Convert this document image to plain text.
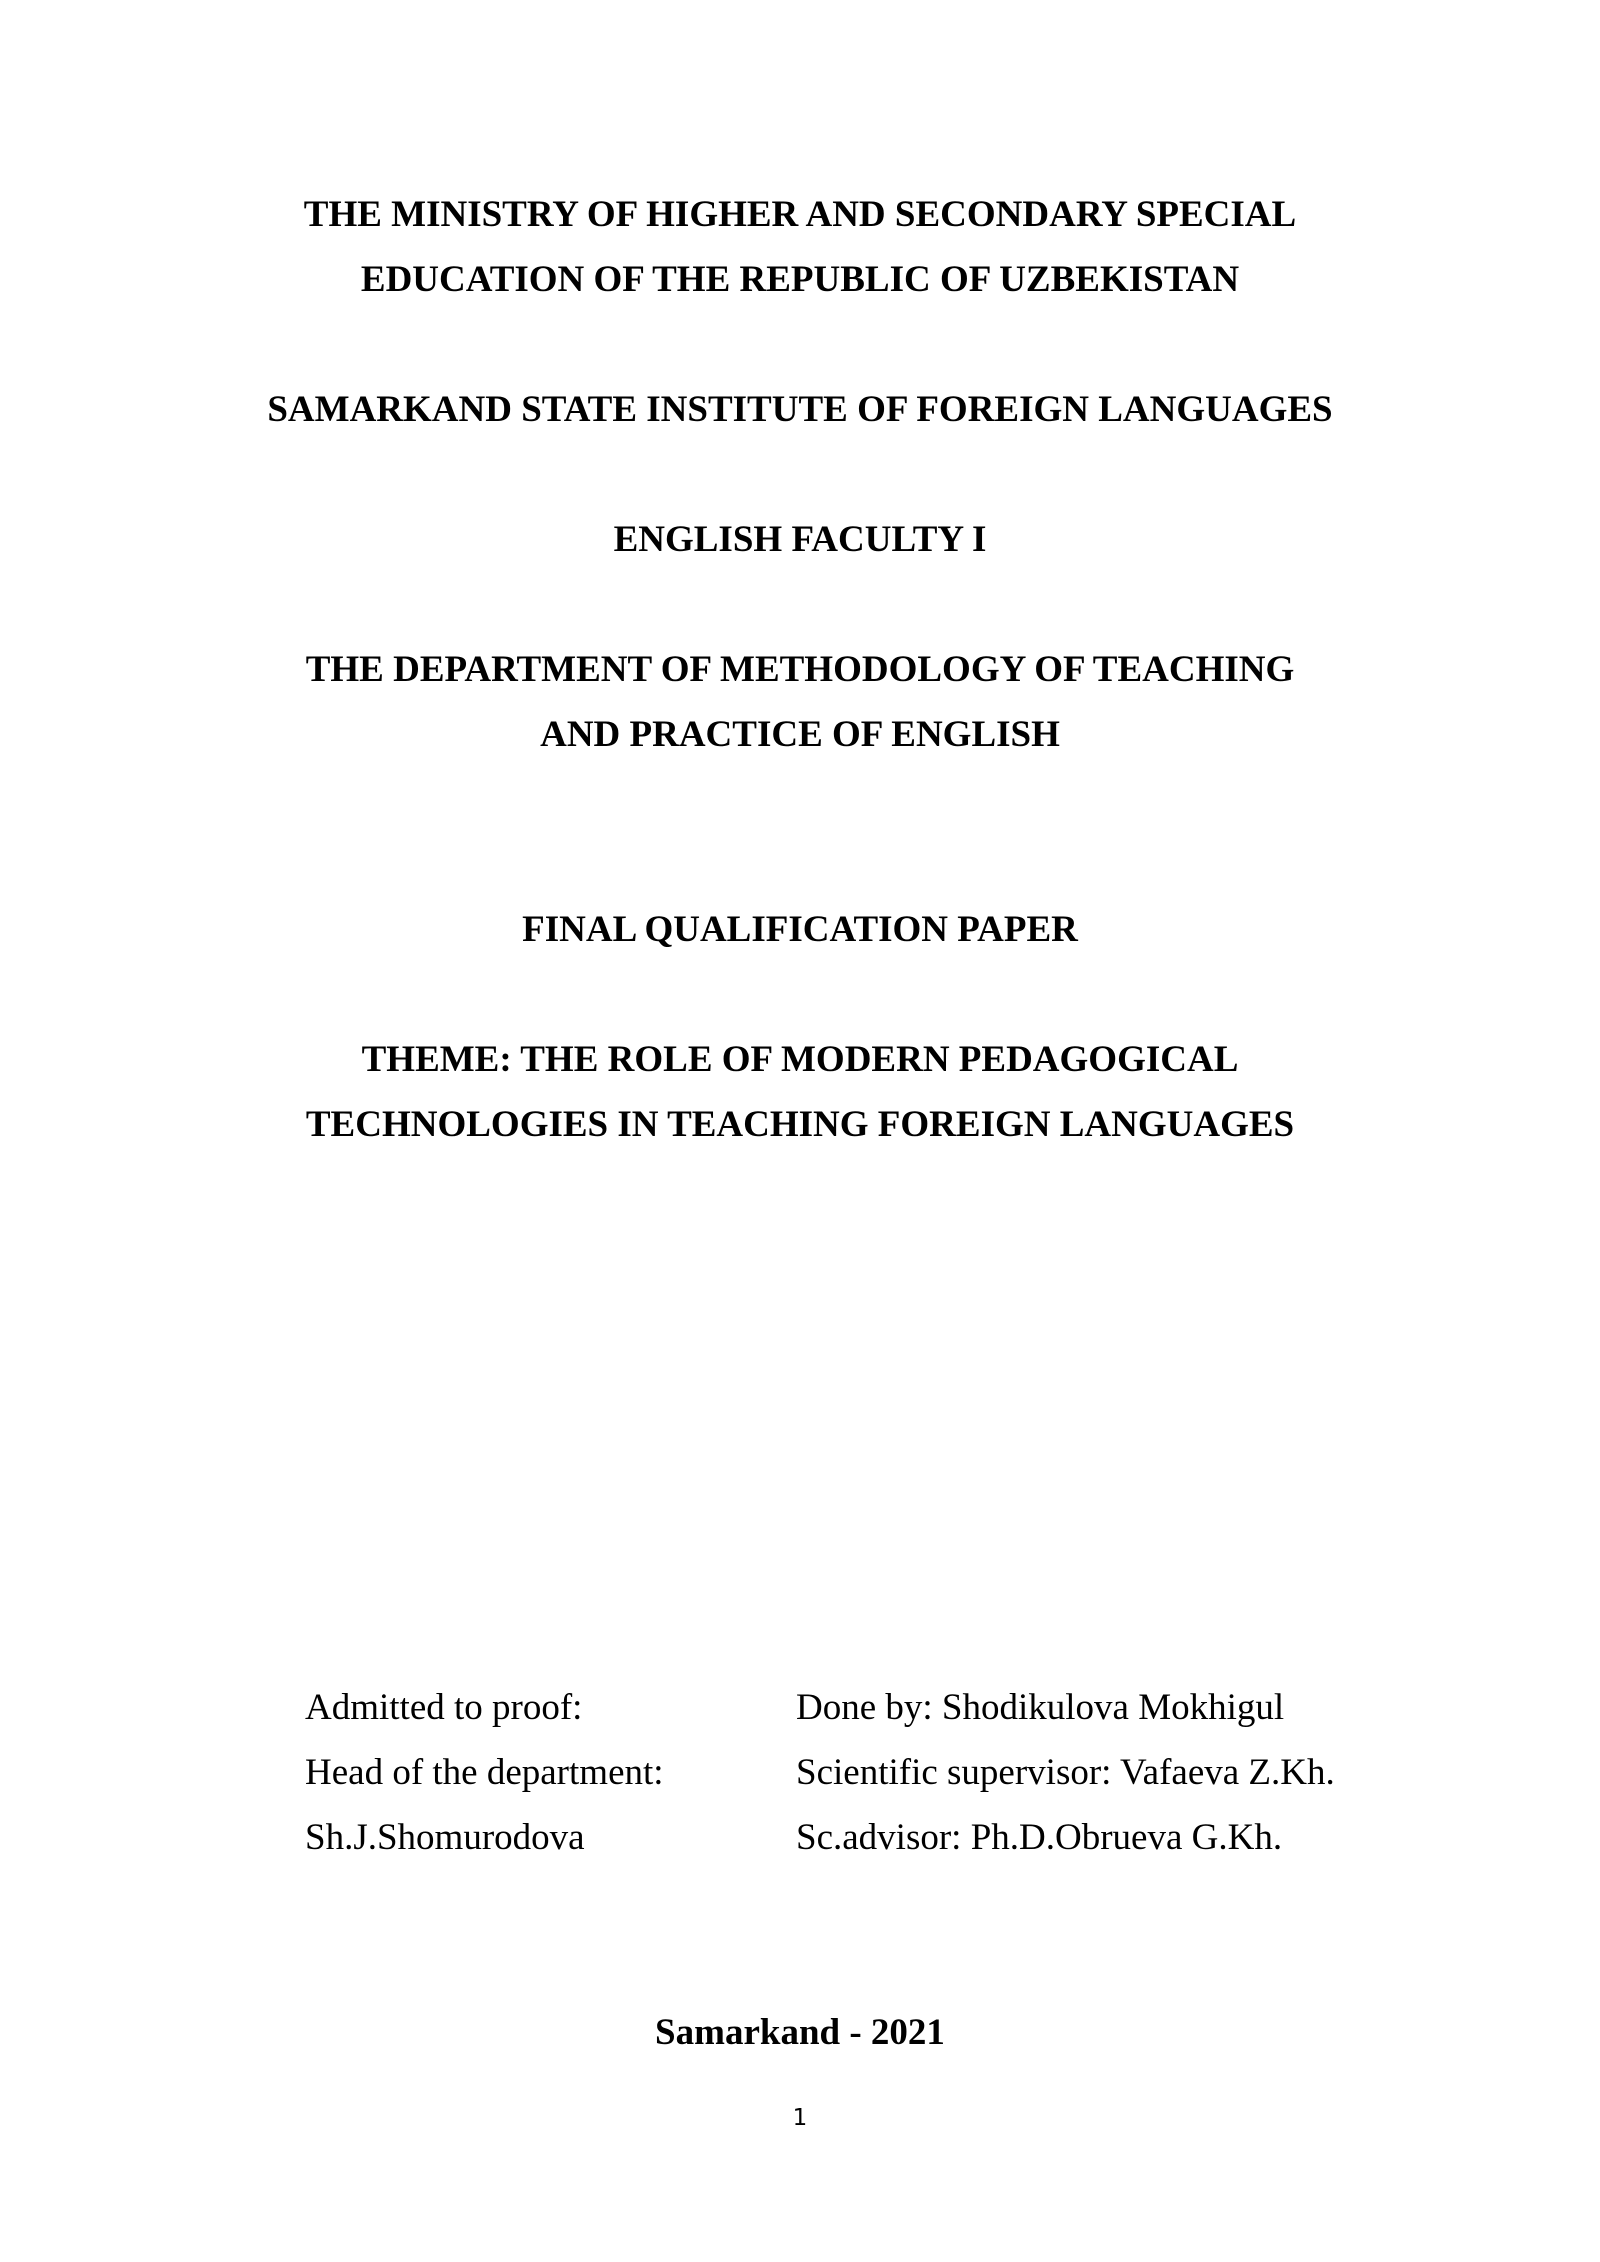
THE MINISTRY OF HIGHER AND SECONDARY SPECIAL
EDUCATION OF THE REPUBLIC OF UZBEKISTAN
SAMARKAND STATE INSTITUTE OF FOREIGN LANGUAGES
ENGLISH FACULTY I
THE DEPARTMENT OF METHODOLOGY OF TEACHING
AND PRACTICE OF ENGLISH
FINAL QUALIFICATION PAPER
THEME: THE ROLE OF MODERN PEDAGOGICAL
TECHNOLOGIES IN TEACHING FOREIGN LANGUAGES
Admitted to proof:
Head of the department:
Sh.J.Shomurodova
Done by: Shodikulova Mokhigul
Scientific supervisor: Vafaeva Z.Kh.
Sc.advisor: Ph.D.Obrueva G.Kh.
Samarkand - 2021
1
